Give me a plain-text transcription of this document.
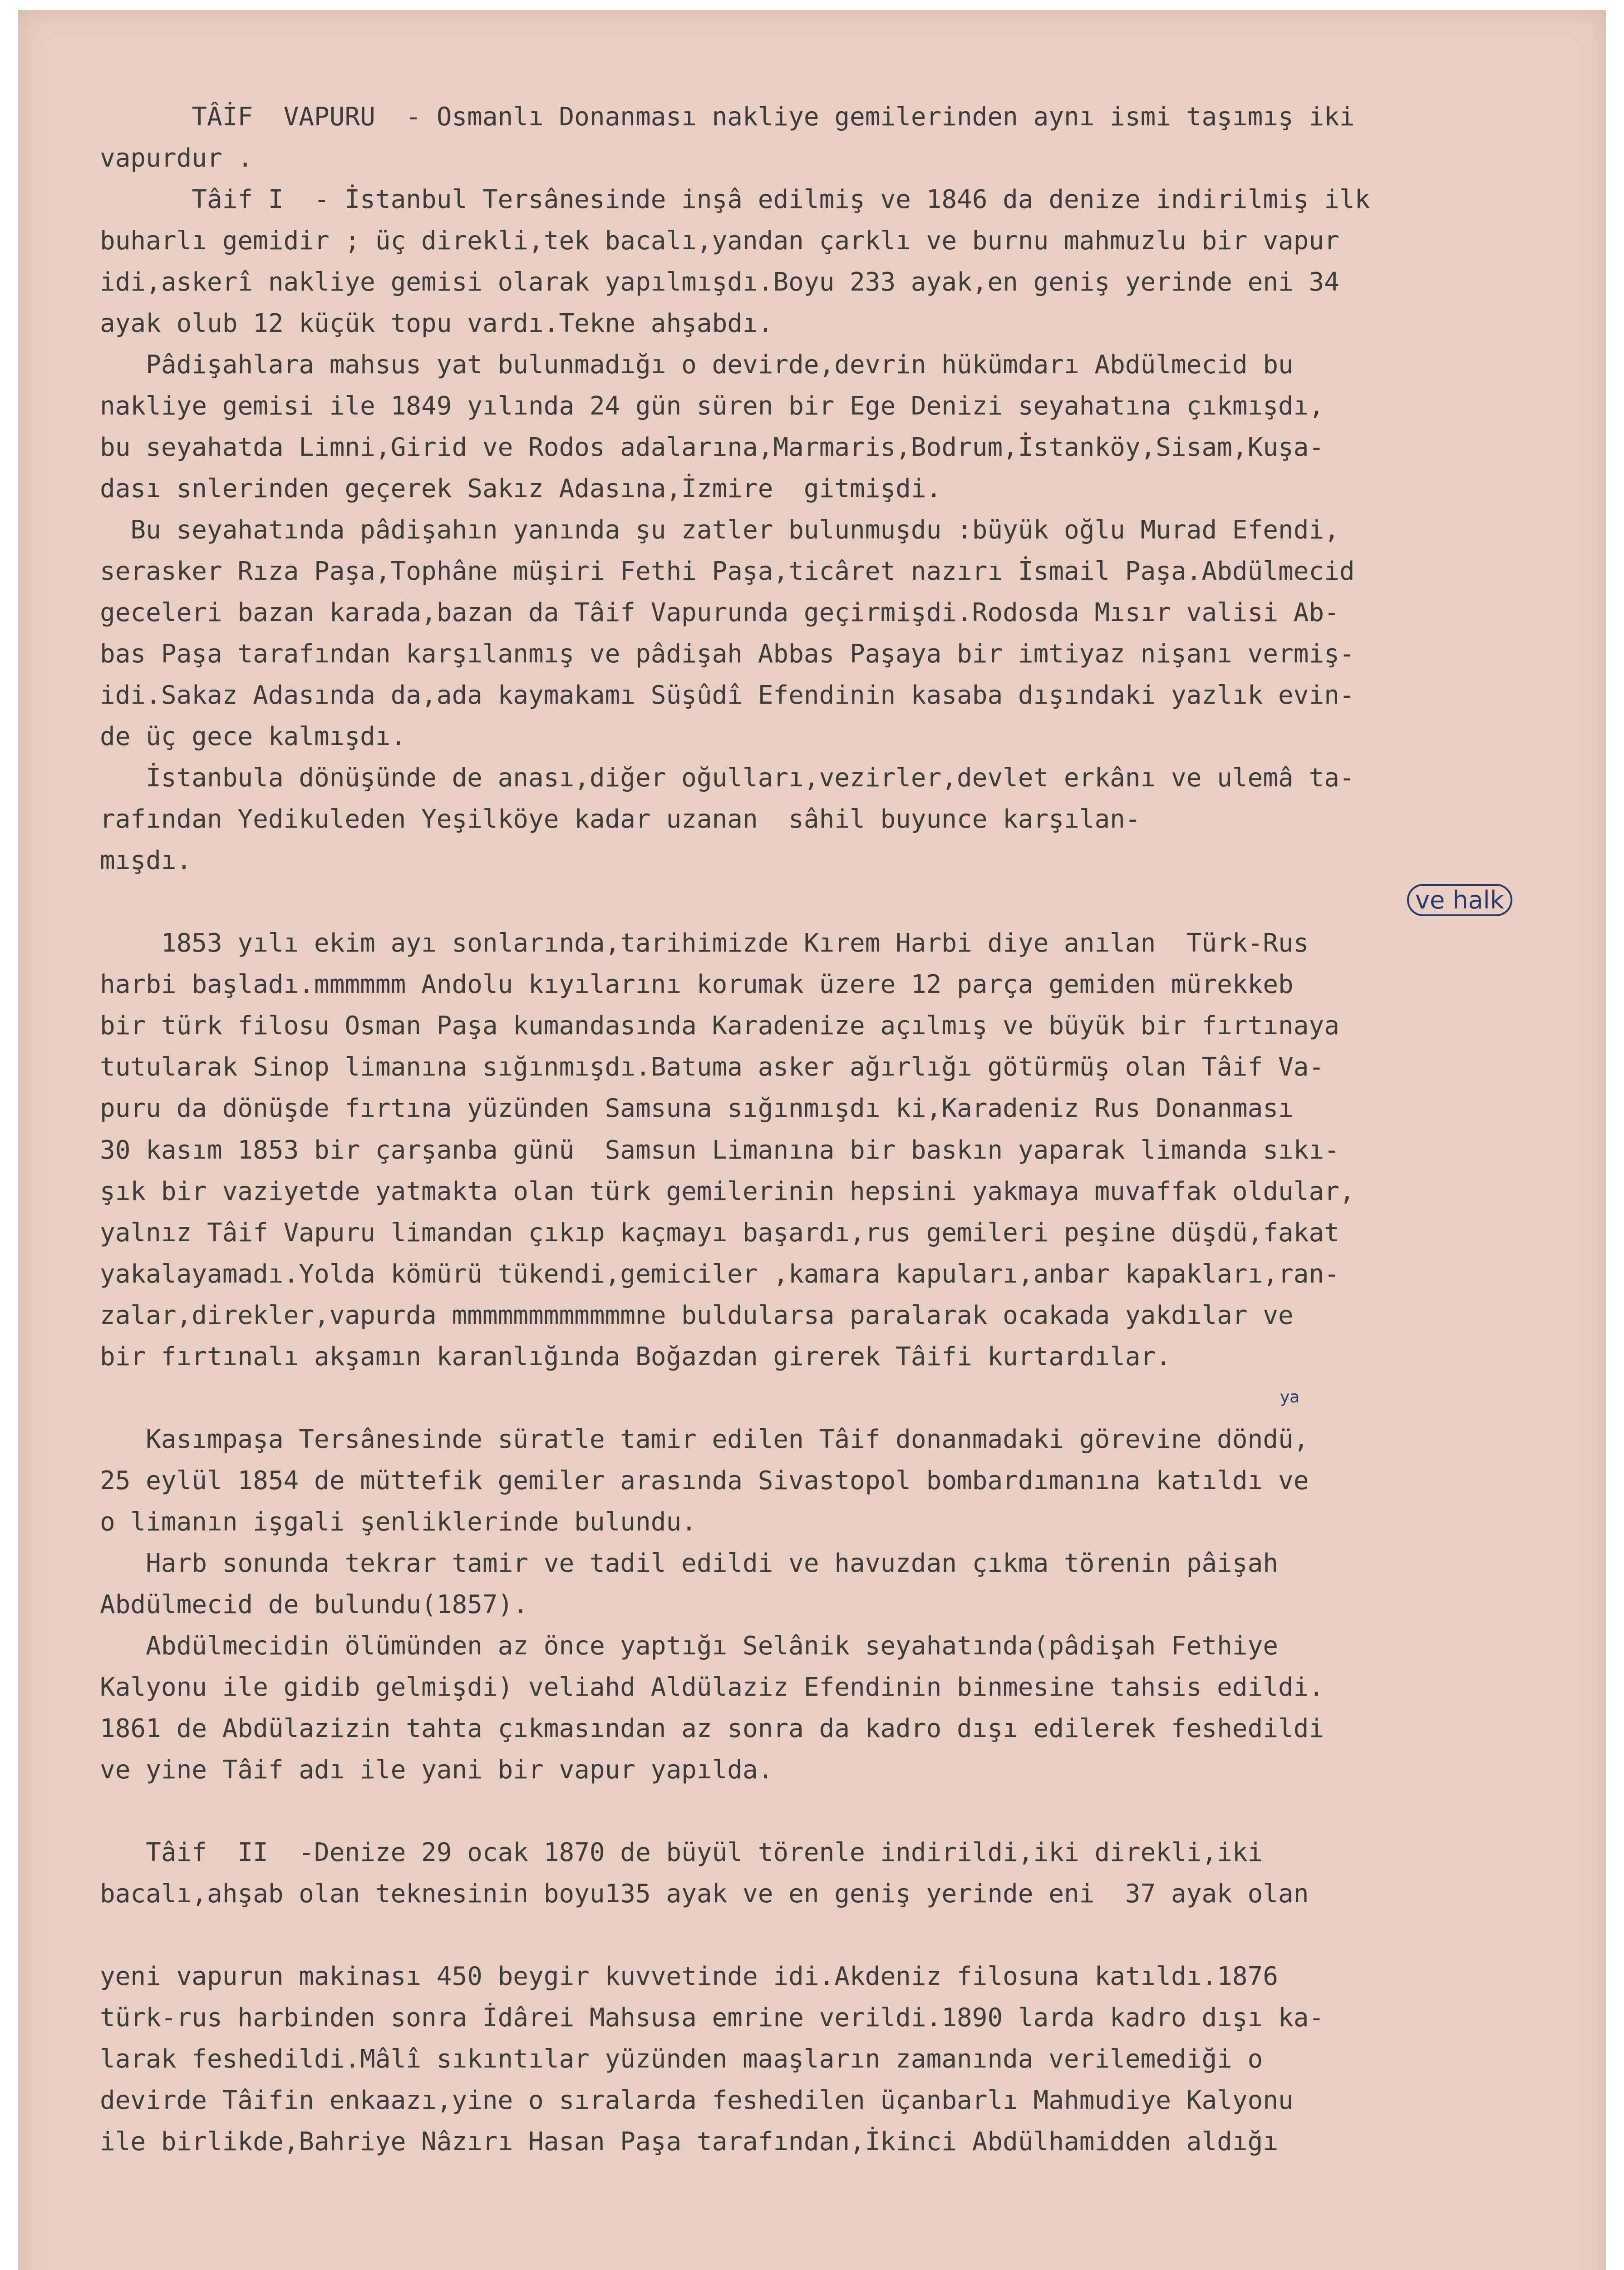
TÂİF  VAPURU  - Osmanlı Donanması nakliye gemilerinden aynı ismi taşımış iki
vapurdur .
Tâif I  - İstanbul Tersânesinde inşâ edilmiş ve 1846 da denize indirilmiş ilk
buharlı gemidir ; üç direkli,tek bacalı,yandan çarklı ve burnu mahmuzlu bir vapur
idi,askerî nakliye gemisi olarak yapılmışdı.Boyu 233 ayak,en geniş yerinde eni 34
ayak olub 12 küçük topu vardı.Tekne ahşabdı.
Pâdişahlara mahsus yat bulunmadığı o devirde,devrin hükümdarı Abdülmecid bu
nakliye gemisi ile 1849 yılında 24 gün süren bir Ege Denizi seyahatına çıkmışdı,
bu seyahatda Limni,Girid ve Rodos adalarına,Marmaris,Bodrum,İstanköy,Sisam,Kuşa-
dası snlerinden geçerek Sakız Adasına,İzmire  gitmişdi.
Bu seyahatında pâdişahın yanında şu zatler bulunmuşdu :büyük oğlu Murad Efendi,
serasker Rıza Paşa,Tophâne müşiri Fethi Paşa,ticâret nazırı İsmail Paşa.Abdülmecid
geceleri bazan karada,bazan da Tâif Vapurunda geçirmişdi.Rodosda Mısır valisi Ab-
bas Paşa tarafından karşılanmış ve pâdişah Abbas Paşaya bir imtiyaz nişanı vermiş-
idi.Sakaz Adasında da,ada kaymakamı Süşûdî Efendinin kasaba dışındaki yazlık evin-
de üç gece kalmışdı.
İstanbula dönüşünde de anası,diğer oğulları,vezirler,devlet erkânı ve ulemâ ta-
rafından Yedikuleden Yeşilköye kadar uzanan  sâhil buyunce karşılan-
mışdı.
1853 yılı ekim ayı sonlarında,tarihimizde Kırem Harbi diye anılan  Türk-Rus
harbi başladı.mmmmmm Andolu kıyılarını korumak üzere 12 parça gemiden mürekkeb
bir türk filosu Osman Paşa kumandasında Karadenize açılmış ve büyük bir fırtınaya
tutularak Sinop limanına sığınmışdı.Batuma asker ağırlığı götürmüş olan Tâif Va-
puru da dönüşde fırtına yüzünden Samsuna sığınmışdı ki,Karadeniz Rus Donanması
30 kasım 1853 bir çarşanba günü  Samsun Limanına bir baskın yaparak limanda sıkı-
şık bir vaziyetde yatmakta olan türk gemilerinin hepsini yakmaya muvaffak oldular,
yalnız Tâif Vapuru limandan çıkıp kaçmayı başardı,rus gemileri peşine düşdü,fakat
yakalayamadı.Yolda kömürü tükendi,gemiciler ,kamara kapuları,anbar kapakları,ran-
zalar,direkler,vapurda mmmmmmmmmmmmne buldularsa paralarak ocakada yakdılar ve
bir fırtınalı akşamın karanlığında Boğazdan girerek Tâifi kurtardılar.
Kasımpaşa Tersânesinde süratle tamir edilen Tâif donanmadaki görevine döndü,
25 eylül 1854 de müttefik gemiler arasında Sivastopol bombardımanına katıldı ve
o limanın işgali şenliklerinde bulundu.
Harb sonunda tekrar tamir ve tadil edildi ve havuzdan çıkma törenin pâişah
Abdülmecid de bulundu(1857).
Abdülmecidin ölümünden az önce yaptığı Selânik seyahatında(pâdişah Fethiye
Kalyonu ile gidib gelmişdi) veliahd Aldülaziz Efendinin binmesine tahsis edildi.
1861 de Abdülazizin tahta çıkmasından az sonra da kadro dışı edilerek feshedildi
ve yine Tâif adı ile yani bir vapur yapılda.
Tâif  II  -Denize 29 ocak 1870 de büyül törenle indirildi,iki direkli,iki
bacalı,ahşab olan teknesinin boyu135 ayak ve en geniş yerinde eni  37 ayak olan
yeni vapurun makinası 450 beygir kuvvetinde idi.Akdeniz filosuna katıldı.1876
türk-rus harbinden sonra İdârei Mahsusa emrine verildi.1890 larda kadro dışı ka-
larak feshedildi.Mâlî sıkıntılar yüzünden maaşların zamanında verilemediği o
devirde Tâifin enkaazı,yine o sıralarda feshedilen üçanbarlı Mahmudiye Kalyonu
ile birlikde,Bahriye Nâzırı Hasan Paşa tarafından,İkinci Abdülhamidden aldığı
ve halk
ya
